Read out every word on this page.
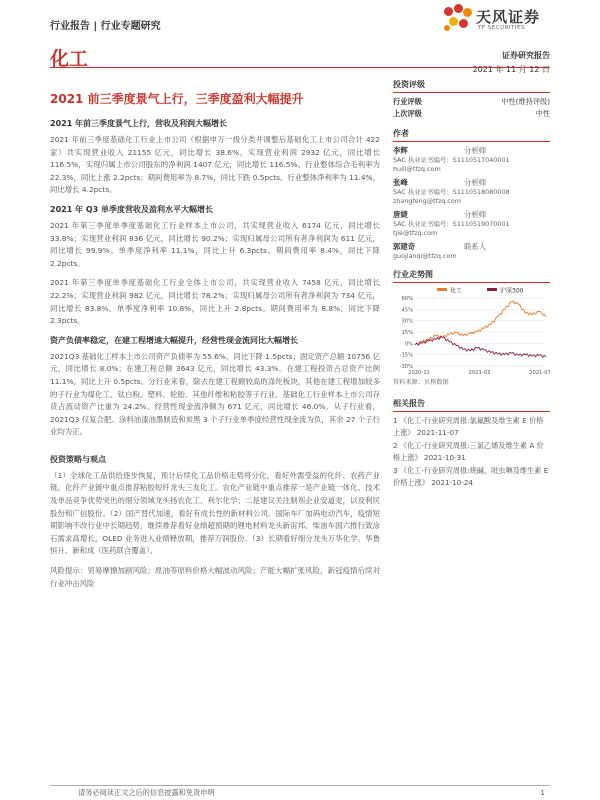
行业报告 | 行业专题研究
天风证券
TF SECURITIES
化工	证券研究报告
2021 年 11 月 12 日
2021 前三季度景气上行，三季度盈利大幅提升
2021 年前三季度景气上行，营收及利润大幅增长

2021 年前三季度基础化工行业上市公司（根据申万一级分类并调整后基础化工上市公司合计 422 家）共实现营业收入 21155 亿元，同比增长 38.6%，实现营业利润 2932 亿元，同比增长 116.5%，实现归属上市公司股东的净利润 1407 亿元，同比增长 116.5%。行业整体综合毛利率为 22.3%，同比上涨 2.2pcts；期间费用率为 8.7%，同比下跌 0.5pcts。行业整体净利率为 11.4%，同比增长 4.2pcts。

2021 年 Q3 单季度营收及盈利水平大幅增长

2021 年第三季度单季度基础化工行业样本上市公司，共实现营业收入 6174 亿元，同比增长 33.8%；实现营业利润 836 亿元，同比增长 90.2%；实现归属母公司所有者净利润为 611 亿元，同比增长 99.9%。单季度净利率 11.1%，同比上升 6.3pcts。期间费用率 8.4%，同比下降 2.2pcts。

2021 年第三季度单季度基础化工行业全体上市公司，共实现营业收入 7458 亿元，同比增长 22.2%；实现营业利润 982 亿元，同比增长 78.2%；实现归属母公司所有者净利润为 734 亿元，同比增长 83.8%。单季度净利率 10.8%，同比上升 2.8pcts。期间费用率为 8.8%，同比下降 2.3pcts。

资产负债率稳定，在建工程增速大幅提升，经营性现金流同比大幅增长

2021Q3 基础化工样本上市公司资产负债率为 55.6%，同比下降 1.5pcts；固定资产总额 10756 亿元，同比增长 8.0%；在建工程总额 3643 亿元，同比增长 43.3%。在建工程投资占总资产比例 11.1%，同比上升 0.5pcts。分行业来看，除去在建工程额较高的涤纶板块，其他在建工程增加较多的子行业为煤化工、钛白粉、塑料、轮胎、其他纤维和粘胶等子行业。基础化工行业样本上市公司存货占流动资产比重为 24.2%。经营性现金流净额为 671 亿元，同比增长 46.0%。从子行业看，2021Q3 仅复合肥、涂料油漆油墨制造和炭黑 3 个子行业单季度经营性现金流为负，其余 27 个子行业均为正。

投资策略与观点

（1）全球化工品供给逐步恢复，预计后续化工品价格走势将分化，看好外需受益的化纤、农药产业链。化纤产业链中重点推荐粘胶短纤龙头三友化工。农化产业链中重点推荐一是产业链一体化、技术及单品竞争优势突出的细分领域龙头扬农化工、利尔化学；二是建议关注制剂企业安道麦，以及利民股份和广信股份。（2）国产替代加速，看好有成长性的新材料公司。国际车厂加码电动汽车，疫情短期影响不改行业中长期趋势，继续推荐看好业绩超预期的锂电材料龙头新宙邦。柴油车国六推行致涂石需求高增长，OLED 业务进入业绩释放期，推荐万润股份。（3）长期看好细分龙头万华化学、华鲁恒升、新和成（医药联合覆盖）。

风险提示：贸易摩擦加剧风险；原油等原料价格大幅波动风险；产能大幅扩张风险，新冠疫情后续对行业冲击风险

投资评级
行业评级	中性(维持评级)
上次评级	中性
作者
李辉	分析师
SAC 执业证书编号：S1110517040001
huili@tfzq.com
张峰	分析师
SAC 执业证书编号：S1110518080008
zhangfeng@tfzq.com
唐婕	分析师
SAC 执业证书编号：S1110519070001
tjie@tfzq.com
郭建奇	联系人
guojianqi@tfzq.com
行业走势图
化工	沪深300
60%
45%
30%
15%
0%
-15%
-30%
2020-11	2021-03	2021-07
资料来源：贝格数据
相关报告
1 《化工-行业研究周报:氯氟酸及维生素 E 价格上涨》 2021-11-07
2 《化工-行业研究周报:三氯乙烯及维生素 A 价格上涨》 2021-10-31
3 《化工-行业研究周报:烧碱、吡虫啉及维生素 E 价格上涨》 2021-10-24
请务必阅读正文之后的信息披露和免责申明	1
